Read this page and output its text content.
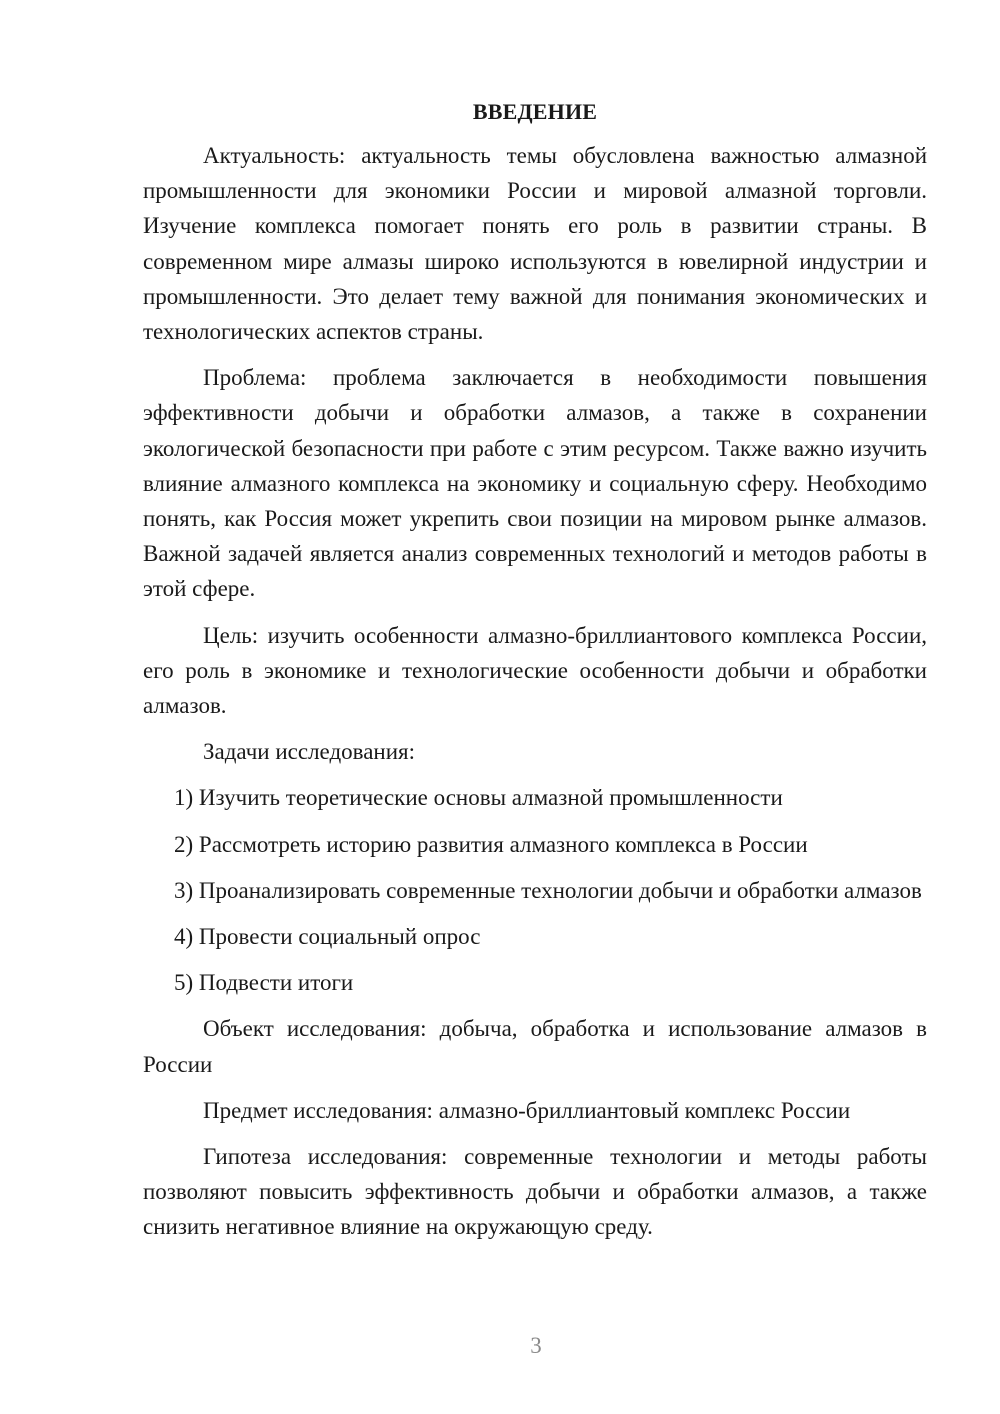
ВВЕДЕНИЕ

Актуальность: актуальность темы обусловлена важностью алмазной промышленности для экономики России и мировой алмазной торговли. Изучение комплекса помогает понять его роль в развитии страны. В современном мире алмазы широко используются в ювелирной индустрии и промышленности. Это делает тему важной для понимания экономических и технологических аспектов страны.

Проблема: проблема заключается в необходимости повышения эффективности добычи и обработки алмазов, а также в сохранении экологической безопасности при работе с этим ресурсом. Также важно изучить влияние алмазного комплекса на экономику и социальную сферу. Необходимо понять, как Россия может укрепить свои позиции на мировом рынке алмазов. Важной задачей является анализ современных технологий и методов работы в этой сфере.

Цель: изучить особенности алмазно-бриллиантового комплекса России, его роль в экономике и технологические особенности добычи и обработки алмазов.

Задачи исследования:

1) Изучить теоретические основы алмазной промышленности

2) Рассмотреть историю развития алмазного комплекса в России

3) Проанализировать современные технологии добычи и обработки алмазов

4) Провести социальный опрос

5) Подвести итоги

Объект исследования: добыча, обработка и использование алмазов в России

Предмет исследования: алмазно-бриллиантовый комплекс России

Гипотеза исследования: современные технологии и методы работы позволяют повысить эффективность добычи и обработки алмазов, а также снизить негативное влияние на окружающую среду.

3
